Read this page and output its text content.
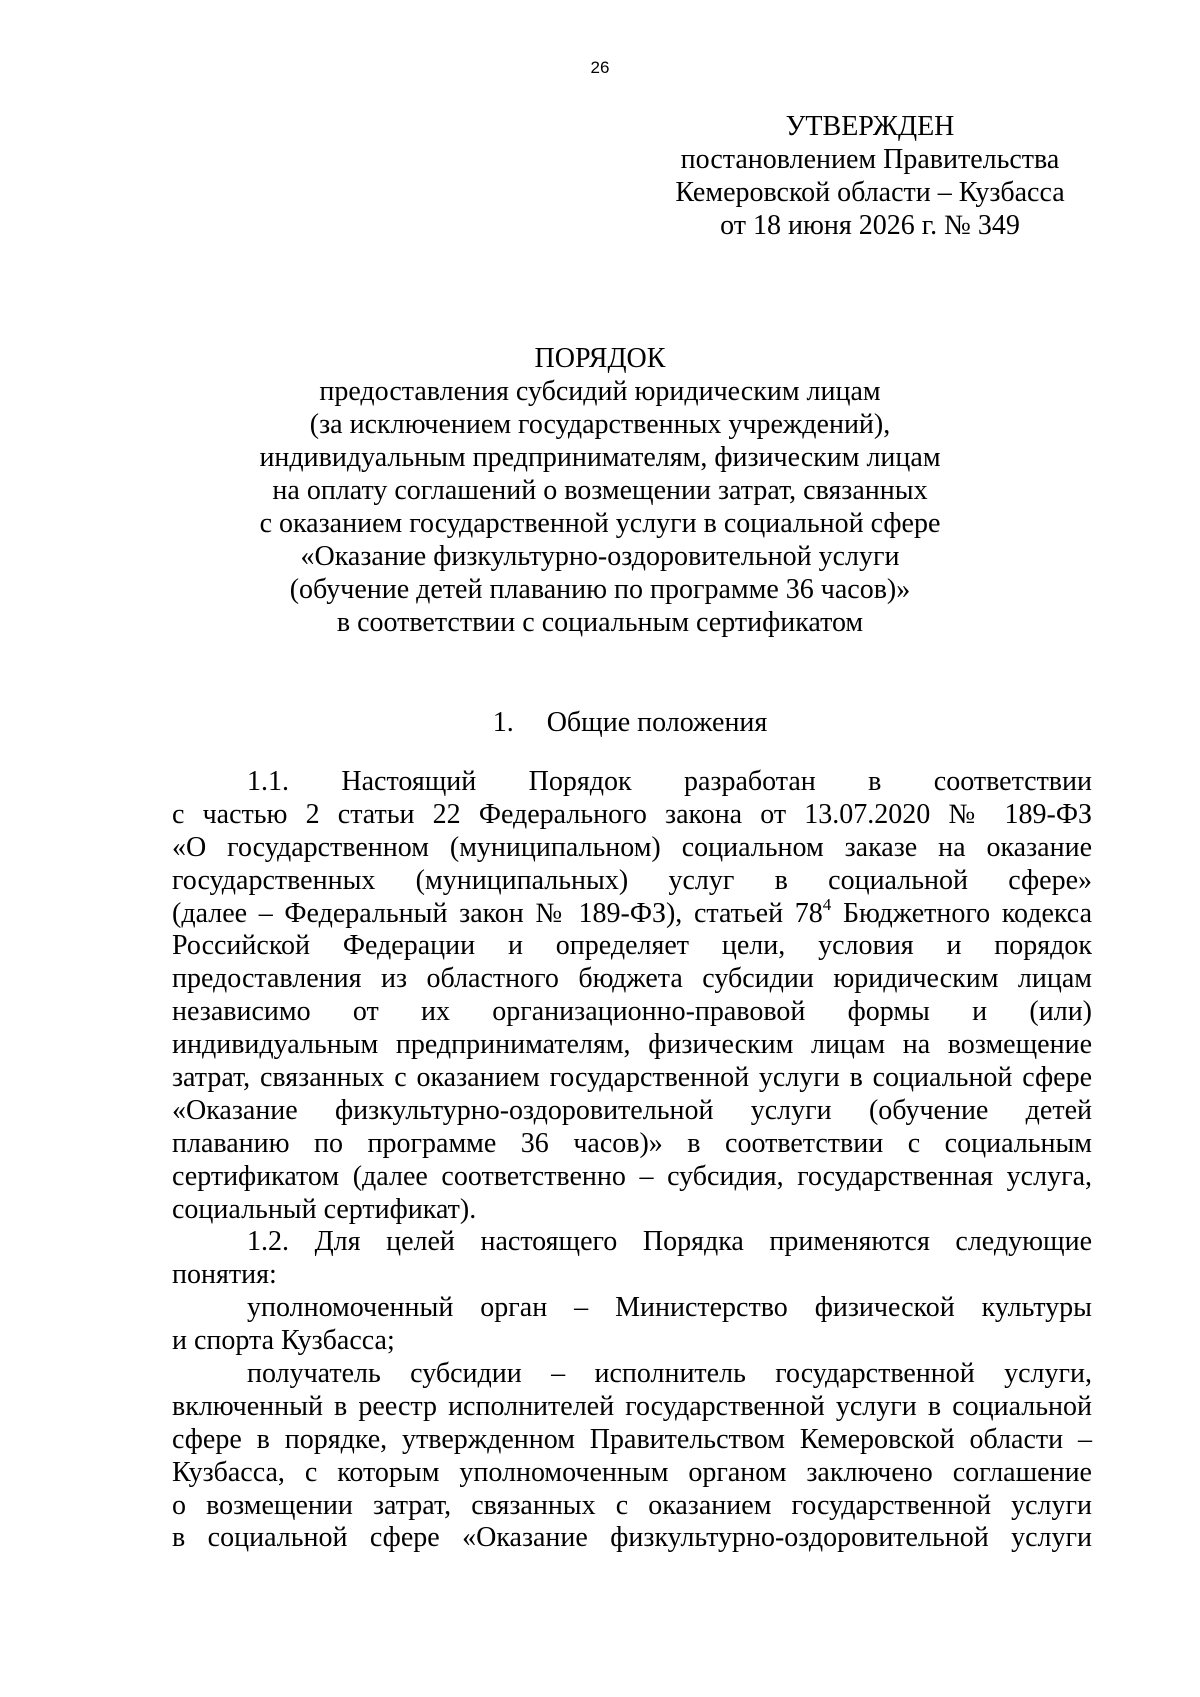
26
УТВЕРЖДЕН
постановлением Правительства
Кемеровской области – Кузбасса
от 18 июня 2026 г. № 349
ПОРЯДОК
предоставления субсидий юридическим лицам
(за исключением государственных учреждений),
индивидуальным предпринимателям, физическим лицам
на оплату соглашений о возмещении затрат, связанных
с оказанием государственной услуги в социальной сфере
«Оказание физкультурно-оздоровительной услуги
(обучение детей плаванию по программе 36 часов)»
в соответствии с социальным сертификатом
1. Общие положения
1.1. Настоящий Порядок разработан в соответствии
с частью 2 статьи 22 Федерального закона от 13.07.2020 № 189-ФЗ
«О государственном (муниципальном) социальном заказе на оказание
государственных (муниципальных) услуг в социальной сфере»
(далее – Федеральный закон № 189-ФЗ), статьей $78^4$ Бюджетного кодекса
Российской Федерации и определяет цели, условия и порядок
предоставления из областного бюджета субсидии юридическим лицам
независимо от их организационно-правовой формы и (или)
индивидуальным предпринимателям, физическим лицам на возмещение
затрат, связанных с оказанием государственной услуги в социальной сфере
«Оказание физкультурно-оздоровительной услуги (обучение детей
плаванию по программе 36 часов)» в соответствии с социальным
сертификатом (далее соответственно – субсидия, государственная услуга,
социальный сертификат).
1.2. Для целей настоящего Порядка применяются следующие
понятия:
уполномоченный орган – Министерство физической культуры
и спорта Кузбасса;
получатель субсидии – исполнитель государственной услуги,
включенный в реестр исполнителей государственной услуги в социальной
сфере в порядке, утвержденном Правительством Кемеровской области –
Кузбасса, с которым уполномоченным органом заключено соглашение
о возмещении затрат, связанных с оказанием государственной услуги
в социальной сфере «Оказание физкультурно-оздоровительной услуги
